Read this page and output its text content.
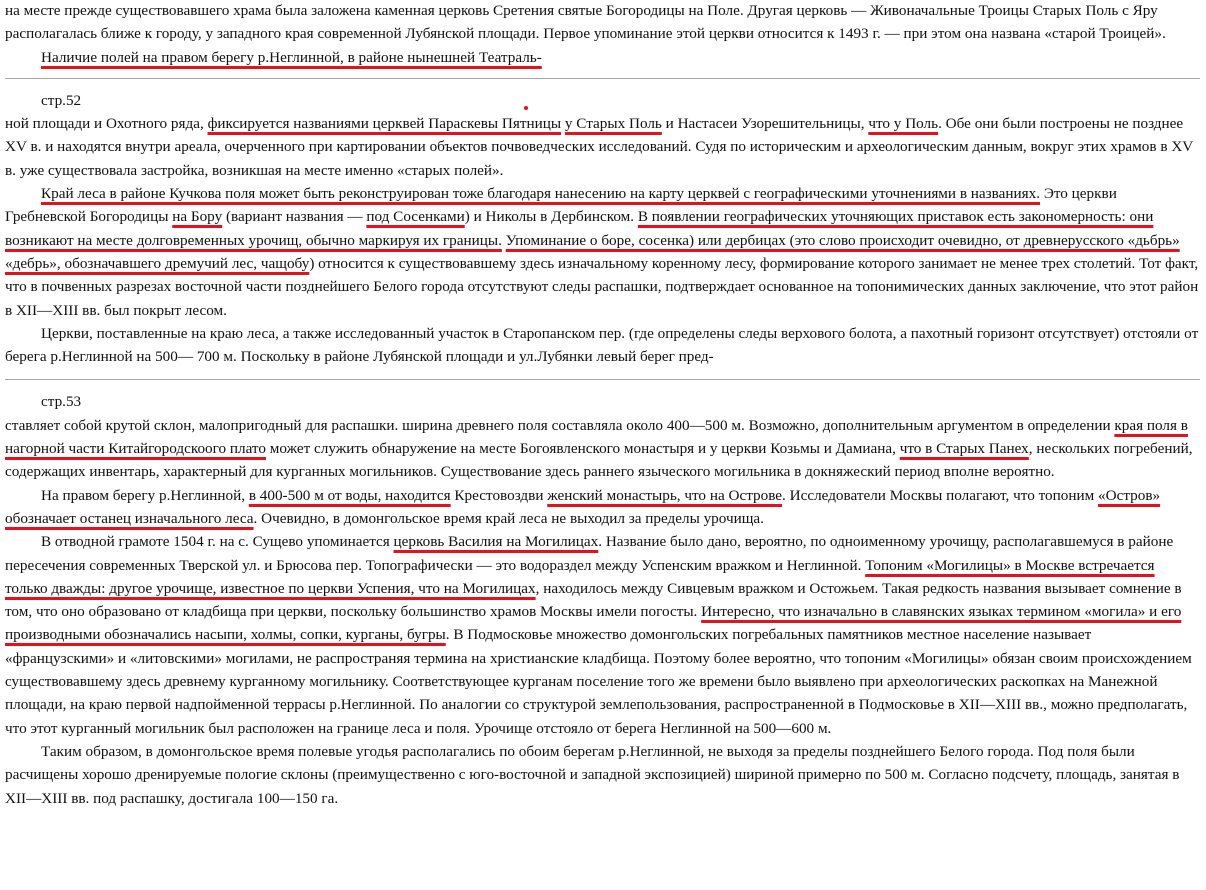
на месте прежде существовавшего храма была заложена каменная церковь Сретения святые Богородицы на Поле. Другая церковь — Живоначальные Троицы Старых Поль с Яру располагалась ближе к городу, у западного края современной Лубянской площади. Первое упоминание этой церкви относится к 1493 г. — при этом она названа «старой Троицей».

Наличие полей на правом берегу р.Неглинной, в районе нынешней Театраль-

стр.52

ной площади и Охотного ряда, фиксируется названиями церквей Параскевы Пятницы у Старых Поль и Настасеи Узорешительницы, что у Поль. Обе они были построены не позднее XV в. и находятся внутри ареала, очерченного при картировании объектов почвоведческих исследований. Судя по историческим и археологическим данным, вокруг этих храмов в XV в. уже существовала застройка, возникшая на месте именно «старых полей».

Край леса в районе Кучкова поля может быть реконструирован тоже благодаря нанесению на карту церквей с географическими уточнениями в названиях. Это церкви Гребневской Богородицы на Бору (вариант названия — под Сосенками) и Николы в Дербинском. В появлении географических уточняющих приставок есть закономерность: они возникают на месте долговременных урочищ, обычно маркируя их границы. Упоминание о боре, сосенка) или дербицах (это слово происходит очевидно, от древнерусского «дьбрь» «дебрь», обозначавшего дремучий лес, чащобу) относится к существовавшему здесь изначальному коренному лесу, формирование которого занимает не менее трех столетий. Тот факт, что в почвенных разрезах восточной части позднейшего Белого города отсутствуют следы распашки, подтверждает основанное на топонимических данных заключение, что этот район в XII—XIII вв. был покрыт лесом.

Церкви, поставленные на краю леса, а также исследованный участок в Старопанском пер. (где определены следы верхового болота, а пахотный горизонт отсутствует) отстояли от берега р.Неглинной на 500— 700 м. Поскольку в районе Лубянской площади и ул.Лубянки левый берег пред-

стр.53

ставляет собой крутой склон, малопригодный для распашки. ширина древнего поля составляла около 400—500 м. Возможно, дополнительным аргументом в определении края поля в нагорной части Китайгородскоого плато может служить обнаружение на месте Богоявленского монастыря и у церкви Козьмы и Дамиана, что в Старых Панех, нескольких погребений, содержащих инвентарь, характерный для курганных могильников. Существование здесь раннего языческого могильника в докняжеский период вполне вероятно.

На правом берегу р.Неглинной, в 400-500 м от воды, находится Крестовоздви женский монастырь, что на Острове. Исследователи Москвы полагают, что топоним «Остров» обозначает останец изначального леса. Очевидно, в домонгольское время край леса не выходил за пределы урочища.

В отводной грамоте 1504 г. на с. Сущево упоминается церковь Василия на Могилицах. Название было дано, вероятно, по одноименному урочищу, располагавшемуся в районе пересечения современных Тверской ул. и Брюсова пер. Топографически — это водораздел между Успенским вражком и Неглинной. Топоним «Могилицы» в Москве встречается только дважды: другое урочище, известное по церкви Успения, что на Могилицах, находилось между Сивцевым вражком и Остожьем. Такая редкость названия вызывает сомнение в том, что оно образовано от кладбища при церкви, поскольку большинство храмов Москвы имели погосты. Интересно, что изначально в славянских языках термином «могила» и его производными обозначались насыпи, холмы, сопки, курганы, бугры. В Подмосковье множество домонгольских погребальных памятников местное население называет «французскими» и «литовскими» могилами, не распространяя термина на христианские кладбища. Поэтому более вероятно, что топоним «Могилицы» обязан своим происхождением существовавшему здесь древнему курганному могильнику. Соответствующее курганам поселение того же времени было выявлено при археологических раскопках на Манежной площади, на краю первой надпойменной террасы р.Неглинной. По аналогии со структурой землепользования, распространенной в Подмосковье в XII—XIII вв., можно предполагать, что этот курганный могильник был расположен на границе леса и поля. Урочище отстояло от берега Неглинной на 500—600 м.

Таким образом, в домонгольское время полевые угодья располагались по обоим берегам р.Неглинной, не выходя за пределы позднейшего Белого города. Под поля были расчищены хорошо дренируемые пологие склоны (преимущественно с юго-восточной и западной экспозицией) шириной примерно по 500 м. Согласно подсчету, площадь, занятая в XII—XIII вв. под распашку, достигала 100—150 га.
